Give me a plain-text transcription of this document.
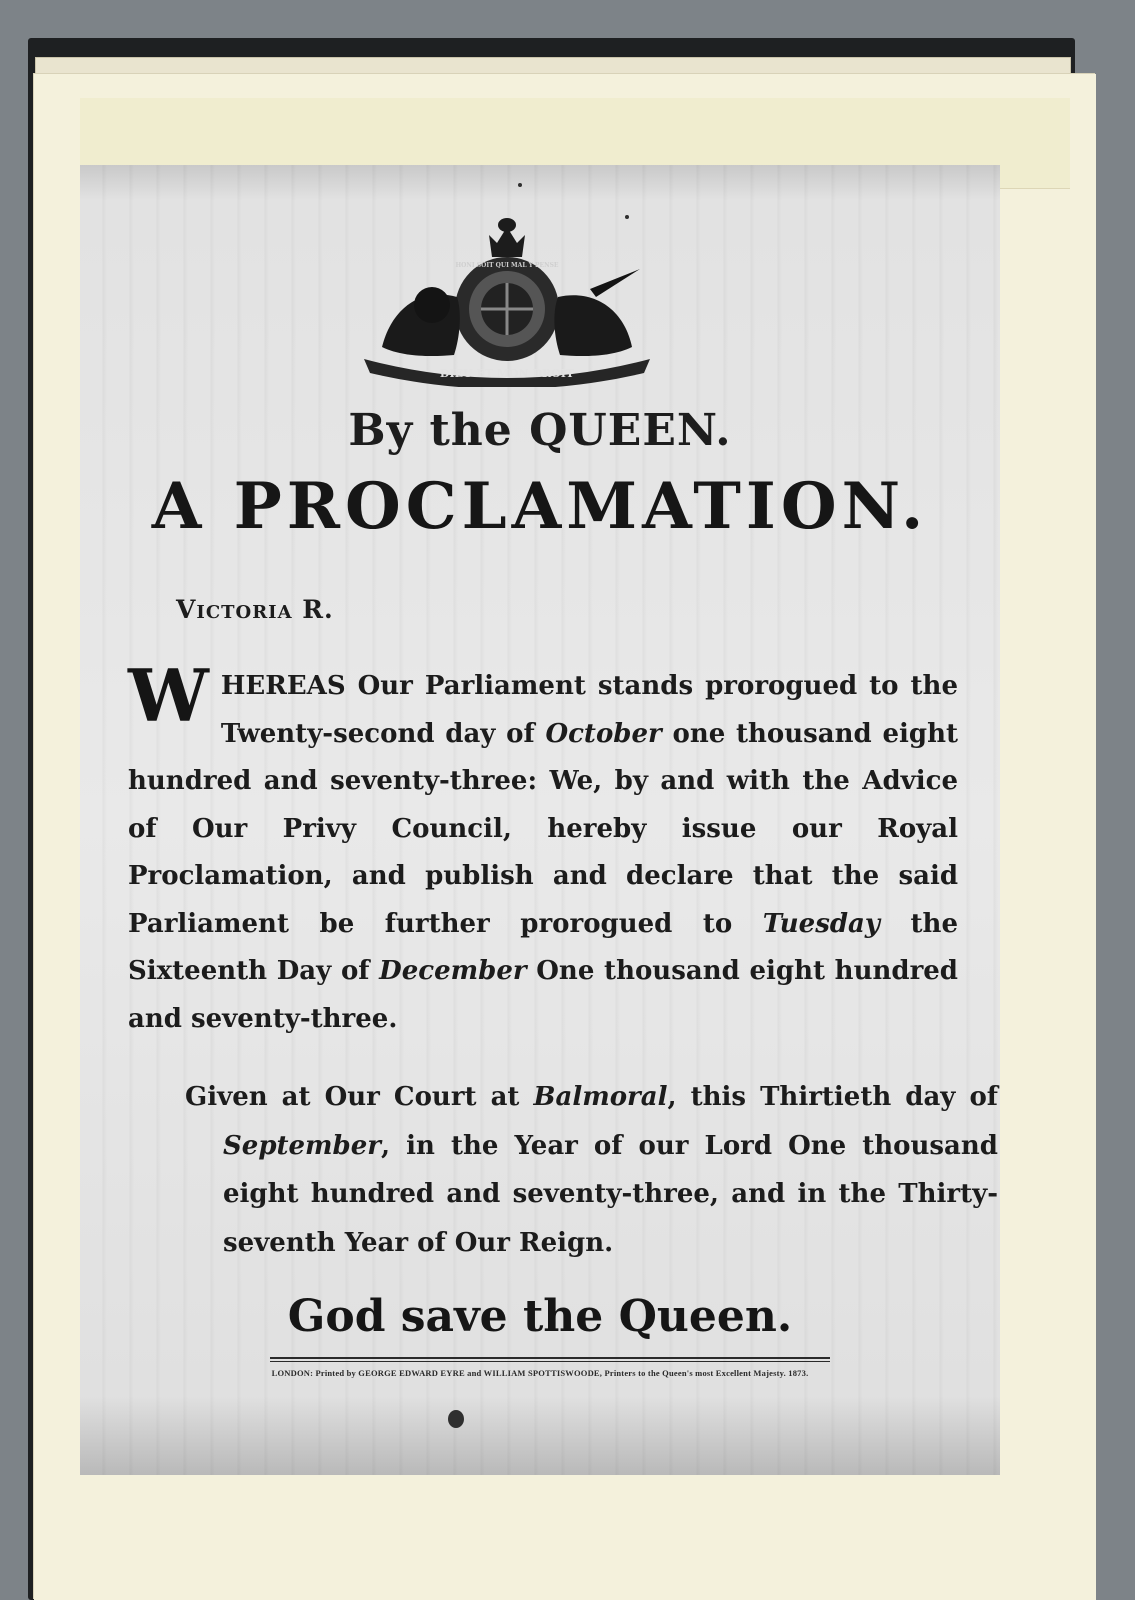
DIEU ET MON DROIT
HONI SOIT QUI MAL Y PENSE
By the QUEEN.
A PROCLAMATION.
Victoria R.
WHEREAS Our Parliament stands prorogued to the Twenty-second day of October one thousand eight hundred and seventy-three: We, by and with the Advice of Our Privy Council, hereby issue our Royal Proclamation, and publish and declare that the said Parliament be further prorogued to Tuesday the Sixteenth Day of December One thousand eight hundred and seventy-three.
Given at Our Court at Balmoral, this Thirtieth day of September, in the Year of our Lord One thousand eight hundred and seventy-three, and in the Thirty-seventh Year of Our Reign.
God save the Queen.
LONDON: Printed by GEORGE EDWARD EYRE and WILLIAM SPOTTISWOODE, Printers to the Queen's most Excellent Majesty. 1873.
